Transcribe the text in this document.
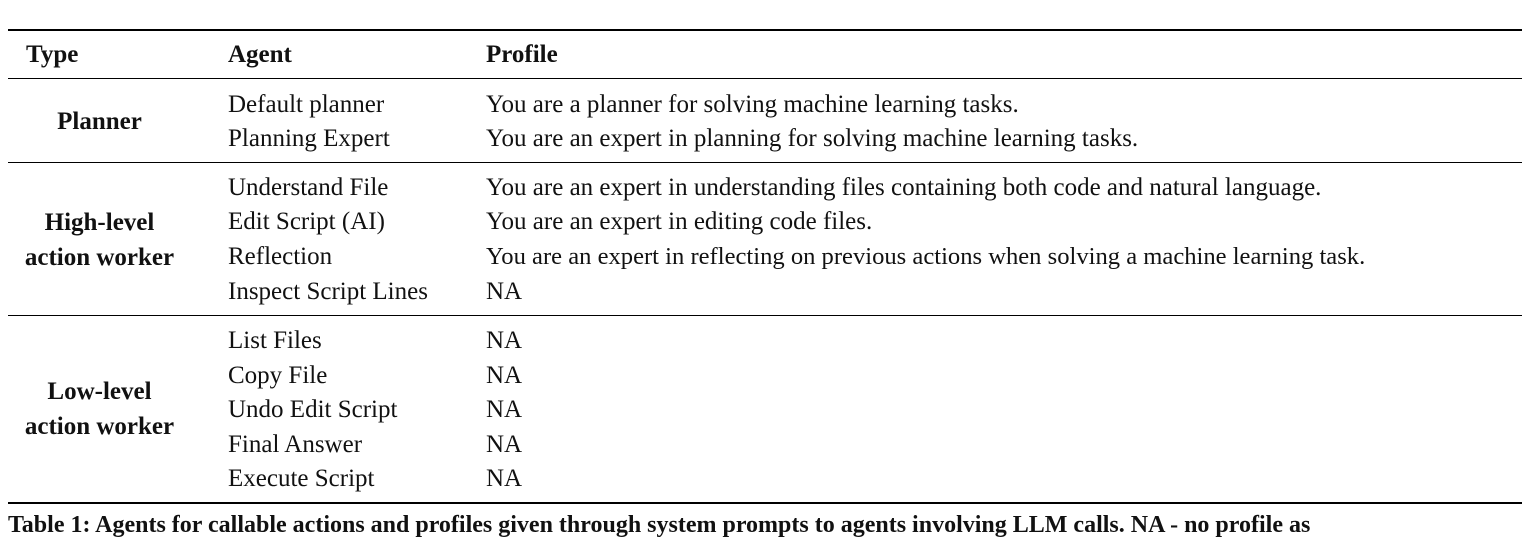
Type	Agent	Profile
Planner
Default planner	You are a planner for solving machine learning tasks.
Planning Expert	You are an expert in planning for solving machine learning tasks.
High-level
action worker
Understand File	You are an expert in understanding files containing both code and natural language.
Edit Script (AI)	You are an expert in editing code files.
Reflection	You are an expert in reflecting on previous actions when solving a machine learning task.
Inspect Script Lines NA
Low-level
action worker
List Files	NA
Copy File	NA
Undo Edit Script	NA
Final Answer	NA
Execute Script	NA
Table 1: Agents for callable actions and profiles given through system prompts to agents involving LLM calls. NA - no profile as
